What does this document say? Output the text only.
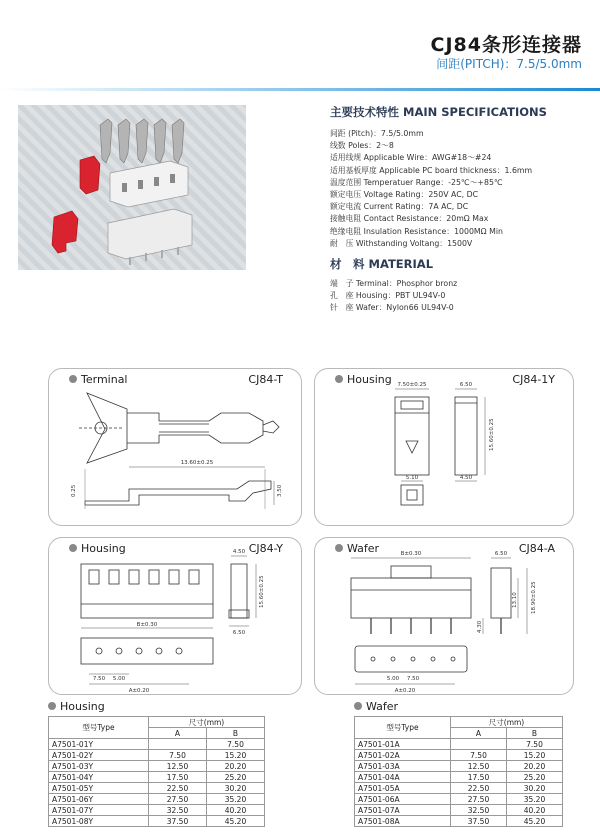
CJ84条形连接器
间距(PITCH)：7.5/5.0mm
主要技术特性 MAIN SPECIFICATIONS
间距 (Pitch)：7.5/5.0mm
线数 Poles：2～8
适用线规 Applicable Wire：AWG#18～#24
适用基板厚度 Applicable PC board thickness：1.6mm
温度范围 Temperatuer Range：-25℃～+85℃
额定电压 Voltage Rating：250V AC, DC
额定电流 Current Rating：7A AC, DC
接触电阻 Contact Resistance：20mΩ Max
绝缘电阻 Insulation Resistance：1000MΩ Min
耐　压 Withstanding Voltang：1500V
材　料 MATERIAL
端　子 Terminal：Phosphor bronz
孔　座 Housing：PBT UL94V-0
针　座 Wafer：Nylon66 UL94V-0
Terminal	CJ84-T
13.60±0.25
0.25	3.50
Housing	CJ84-1Y
7.50±0.25	6.50
15.60±0.25
5.10	4.50
Housing	CJ84-Y
4.50
15.60±0.25
B±0.30
6.50
7.50 5.00
A±0.20
Wafer	CJ84-A
B±0.30	6.50
13.10 18.90±0.25
4.30
5.00 7.50
A±0.20
Housing
型号Type	尺寸(mm)	
	A	B
A7501-01Y		7.50
A7501-02Y	7.50	15.20
A7501-03Y	12.50	20.20
A7501-04Y	17.50	25.20
A7501-05Y	22.50	30.20
A7501-06Y	27.50	35.20
A7501-07Y	32.50	40.20
A7501-08Y	37.50	45.20
Wafer
型号Type	尺寸(mm)	
	A	B
A7501-01A		7.50
A7501-02A	7.50	15.20
A7501-03A	12.50	20.20
A7501-04A	17.50	25.20
A7501-05A	22.50	30.20
A7501-06A	27.50	35.20
A7501-07A	32.50	40.20
A7501-08A	37.50	45.20
